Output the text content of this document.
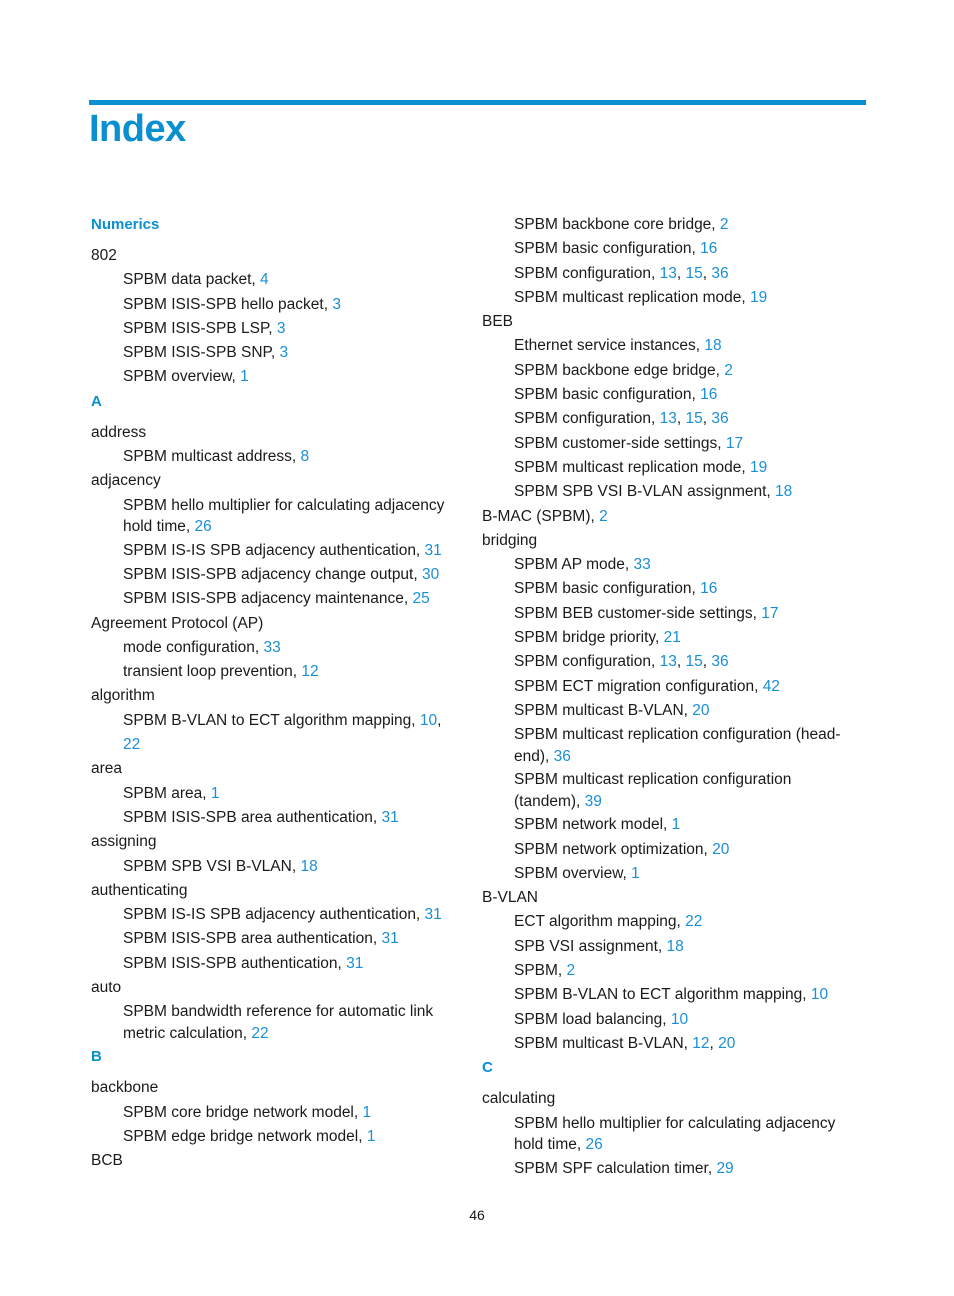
Index
Numerics
802
SPBM data packet, 4
SPBM ISIS-SPB hello packet, 3
SPBM ISIS-SPB LSP, 3
SPBM ISIS-SPB SNP, 3
SPBM overview, 1
A
address
SPBM multicast address, 8
adjacency
SPBM hello multiplier for calculating adjacency hold time, 26
SPBM IS-IS SPB adjacency authentication, 31
SPBM ISIS-SPB adjacency change output, 30
SPBM ISIS-SPB adjacency maintenance, 25
Agreement Protocol (AP)
mode configuration, 33
transient loop prevention, 12
algorithm
SPBM B-VLAN to ECT algorithm mapping, 10, 22
area
SPBM area, 1
SPBM ISIS-SPB area authentication, 31
assigning
SPBM SPB VSI B-VLAN, 18
authenticating
SPBM IS-IS SPB adjacency authentication, 31
SPBM ISIS-SPB area authentication, 31
SPBM ISIS-SPB authentication, 31
auto
SPBM bandwidth reference for automatic link metric calculation, 22
B
backbone
SPBM core bridge network model, 1
SPBM edge bridge network model, 1
BCB
SPBM backbone core bridge, 2
SPBM basic configuration, 16
SPBM configuration, 13, 15, 36
SPBM multicast replication mode, 19
BEB
Ethernet service instances, 18
SPBM backbone edge bridge, 2
SPBM basic configuration, 16
SPBM configuration, 13, 15, 36
SPBM customer-side settings, 17
SPBM multicast replication mode, 19
SPBM SPB VSI B-VLAN assignment, 18
B-MAC (SPBM), 2
bridging
SPBM AP mode, 33
SPBM basic configuration, 16
SPBM BEB customer-side settings, 17
SPBM bridge priority, 21
SPBM configuration, 13, 15, 36
SPBM ECT migration configuration, 42
SPBM multicast B-VLAN, 20
SPBM multicast replication configuration (head-end), 36
SPBM multicast replication configuration (tandem), 39
SPBM network model, 1
SPBM network optimization, 20
SPBM overview, 1
B-VLAN
ECT algorithm mapping, 22
SPB VSI assignment, 18
SPBM, 2
SPBM B-VLAN to ECT algorithm mapping, 10
SPBM load balancing, 10
SPBM multicast B-VLAN, 12, 20
C
calculating
SPBM hello multiplier for calculating adjacency hold time, 26
SPBM SPF calculation timer, 29
46
